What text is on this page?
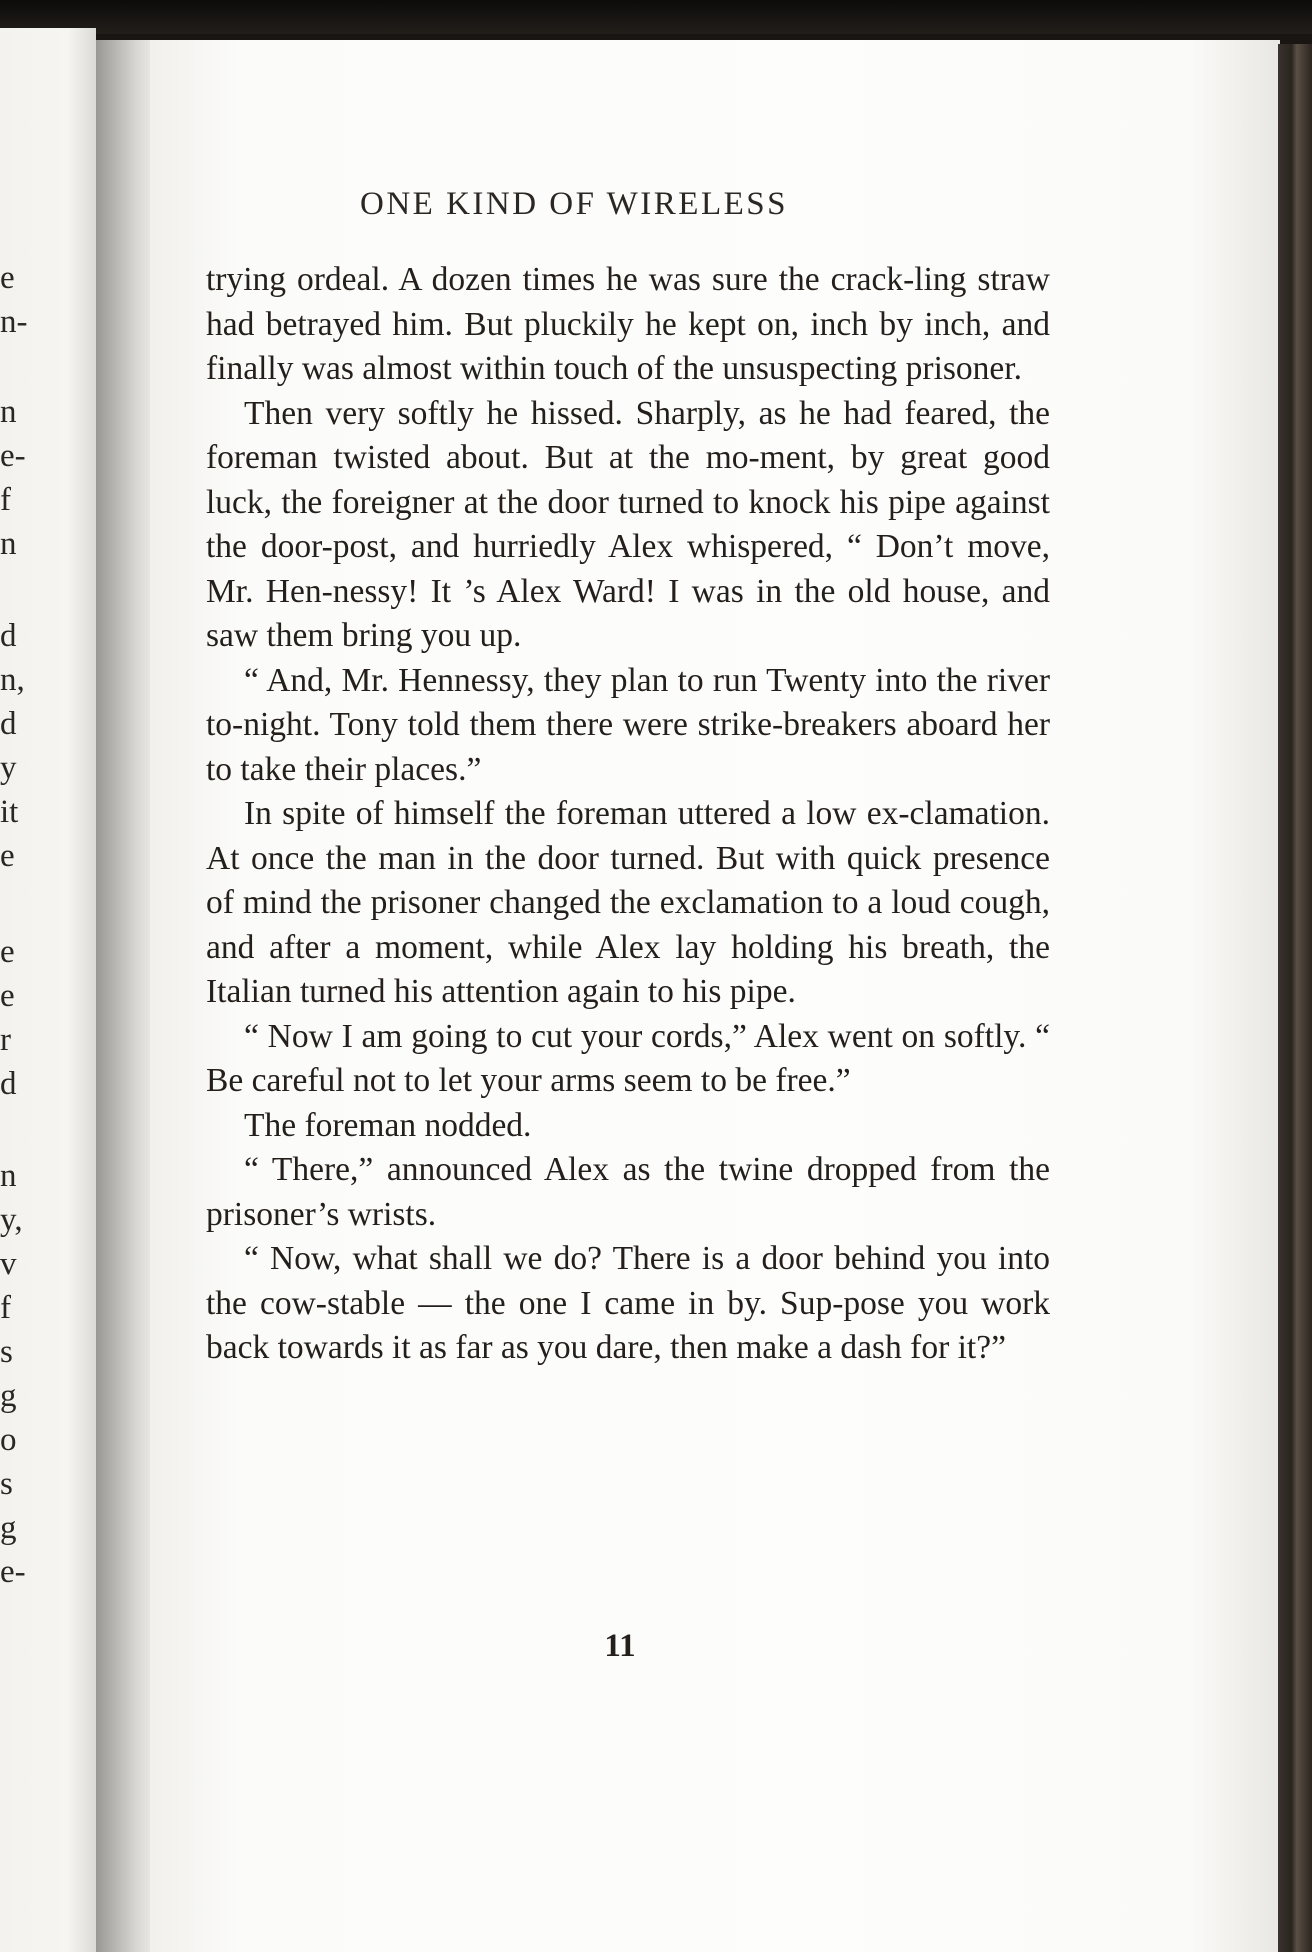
e
n-
n
e-
f
n
d
n,
d
y
it
e
e
e
r
d
n
y,
v
f
s
g
o
s
g
e-
ONE KIND OF WIRELESS

trying ordeal. A dozen times he was sure the crack-ling straw had betrayed him. But pluckily he kept on, inch by inch, and finally was almost within touch of the unsuspecting prisoner.

Then very softly he hissed. Sharply, as he had feared, the foreman twisted about. But at the mo-ment, by great good luck, the foreigner at the door turned to knock his pipe against the door-post, and hurriedly Alex whispered, “ Don’t move, Mr. Hen-nessy! It ’s Alex Ward! I was in the old house, and saw them bring you up.

“ And, Mr. Hennessy, they plan to run Twenty into the river to-night. Tony told them there were strike-breakers aboard her to take their places.”

In spite of himself the foreman uttered a low ex-clamation. At once the man in the door turned. But with quick presence of mind the prisoner changed the exclamation to a loud cough, and after a moment, while Alex lay holding his breath, the Italian turned his attention again to his pipe.

“ Now I am going to cut your cords,” Alex went on softly. “ Be careful not to let your arms seem to be free.”

The foreman nodded.

“ There,” announced Alex as the twine dropped from the prisoner’s wrists.

“ Now, what shall we do? There is a door behind you into the cow-stable — the one I came in by. Sup-pose you work back towards it as far as you dare, then make a dash for it?”

11
